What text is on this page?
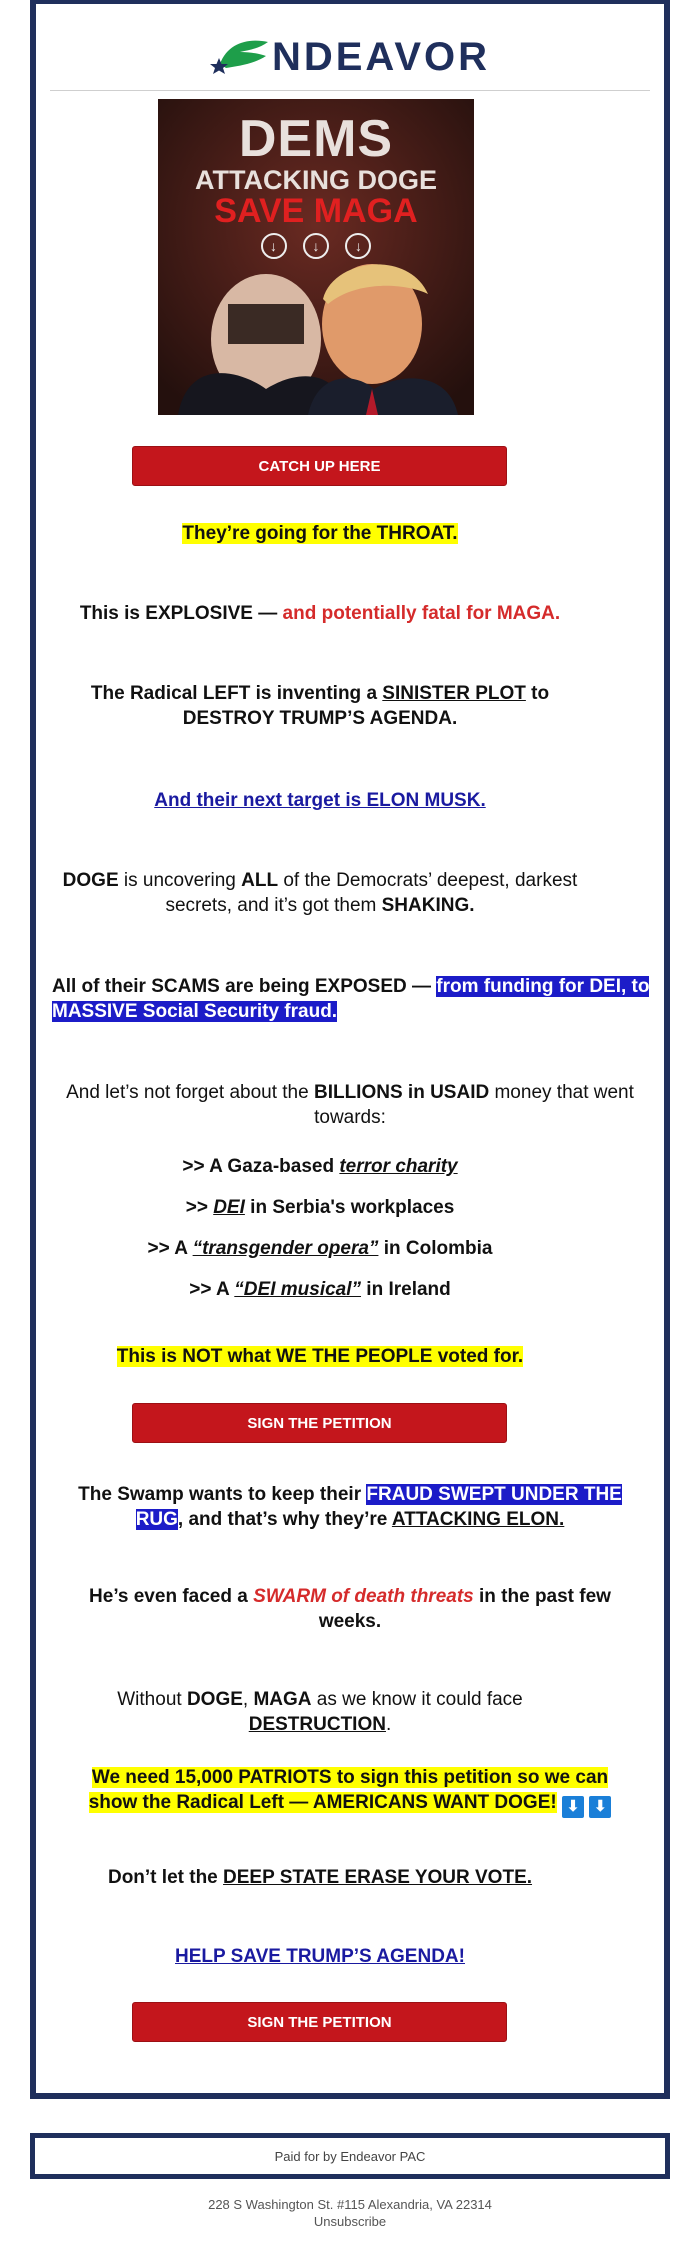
NDEAVOR
DEMS
ATTACKING DOGE
SAVE MAGA
↓	↓	↓
CATCH UP HERE
They’re going for the THROAT.
This is EXPLOSIVE — and potentially fatal for MAGA.
The Radical LEFT is inventing a SINISTER PLOT to DESTROY TRUMP’S AGENDA.
And their next target is ELON MUSK.
DOGE is uncovering ALL of the Democrats’ deepest, darkest secrets, and it’s got them SHAKING.
All of their SCAMS are being EXPOSED — from funding for DEI, to MASSIVE Social Security fraud.
And let’s not forget about the BILLIONS in USAID money that went towards:
>> A Gaza-based terror charity
>> DEI in Serbia's workplaces
>> A “transgender opera” in Colombia
>> A “DEI musical” in Ireland
This is NOT what WE THE PEOPLE voted for.
SIGN THE PETITION
The Swamp wants to keep their FRAUD SWEPT UNDER THE RUG, and that’s why they’re ATTACKING ELON.
He’s even faced a SWARM of death threats in the past few weeks.
Without DOGE, MAGA as we know it could face DESTRUCTION.
We need 15,000 PATRIOTS to sign this petition so we can show the Radical Left — AMERICANS WANT DOGE! ⬇ ⬇
Don’t let the DEEP STATE ERASE YOUR VOTE.
HELP SAVE TRUMP’S AGENDA!
SIGN THE PETITION
Paid for by Endeavor PAC
228 S Washington St. #115 Alexandria, VA 22314
Unsubscribe
